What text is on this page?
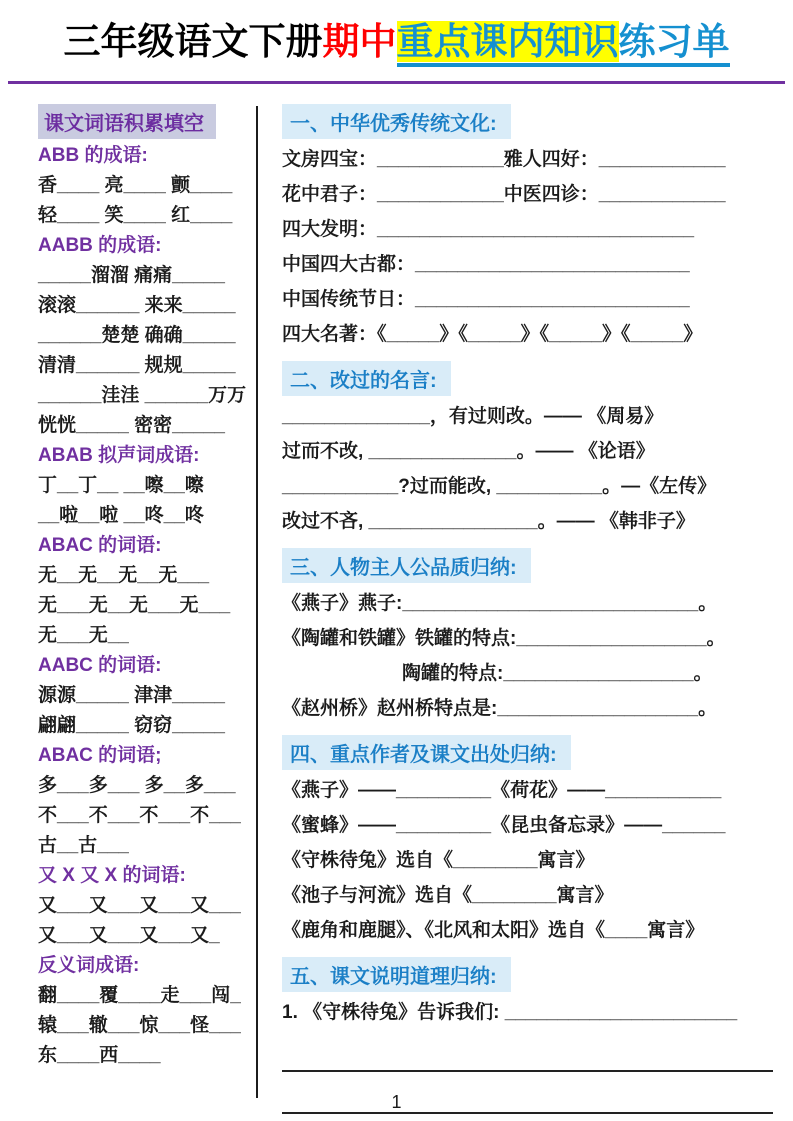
三年级语文下册期中重点课内知识练习单
课文词语积累填空
ABB 的成语:
香____ 亮____ 颤____
轻____ 笑____ 红____
AABB 的成语:
_____溜溜 痛痛_____
滚滚______ 来来_____
______楚楚 确确_____
清清______ 规规_____
______洼洼 ______万万
恍恍_____ 密密_____
ABAB 拟声词成语:
丁__丁__ __嚓__嚓
__啦__啦 __咚__咚
ABAC 的词语:
无__无__无__无___
无___无__无___无___
无___无__
AABC 的词语:
源源_____ 津津_____
翩翩_____ 窃窃_____
ABAC 的词语;
多___多___ 多__多___
不___不___不___不___
古__古___
又 X 又 X 的词语:
又___又___又___又___
又___又___又___又_
反义词成语:
翻____覆____走___闯_
辕___辙___惊___怪___
东____西____
一、中华优秀传统文化:
文房四宝：____________雅人四好：____________
花中君子：____________中医四诊：____________
四大发明：______________________________
中国四大古都：__________________________
中国传统节日：__________________________
四大名著：《_____》《_____》《_____》《_____》
二、改过的名言:
______________，有过则改。—— 《周易》
过而不改, ______________。—— 《论语》
___________?过而能改, __________。—《左传》
改过不吝, ________________。—— 《韩非子》
三、人物主人公品质归纳:
《燕子》燕子:____________________________。
《陶罐和铁罐》铁罐的特点:__________________。
陶罐的特点:__________________。
《赵州桥》赵州桥特点是:___________________。
四、重点作者及课文出处归纳:
《燕子》——_________《荷花》——___________
《蜜蜂》——_________《昆虫备忘录》——______
《守株待兔》选自《________寓言》
《池子与河流》选自《________寓言》
《鹿角和鹿腿》、《北风和太阳》选自《____寓言》
五、课文说明道理归纳:
1. 《守株待兔》告诉我们: ______________________
1
